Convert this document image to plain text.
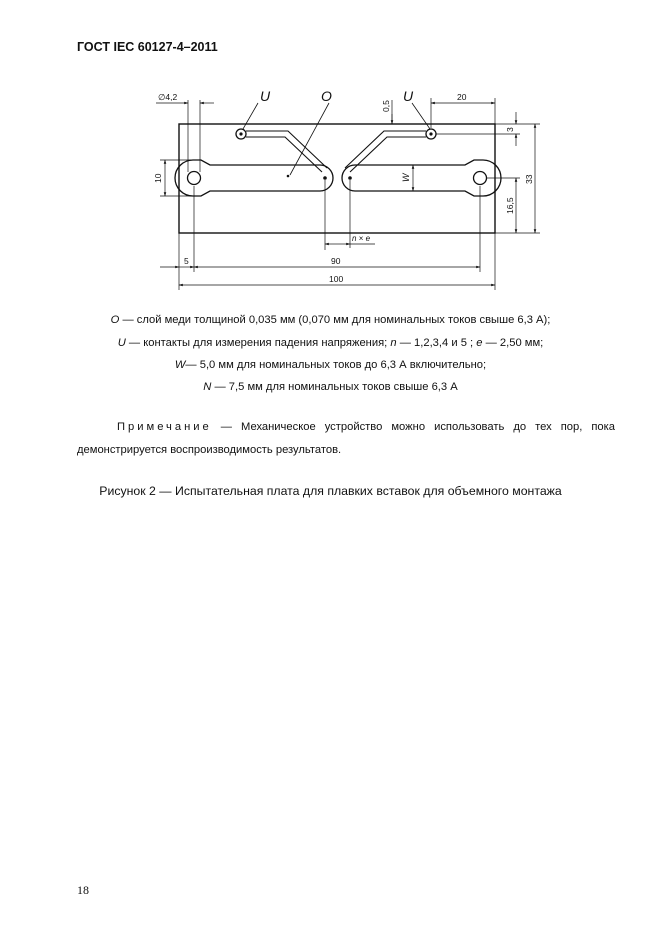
ГОСТ IEC 60127-4–2011
U	O	U
∅4,2
0,5
20
3
16,5
33
10	W
n × e
5	90
100
O — слой меди толщиной 0,035 мм (0,070 мм для номинальных токов свыше 6,3 А);
U — контакты для измерения падения напряжения; n — 1,2,3,4 и 5 ; e — 2,50 мм;
W— 5,0 мм для номинальных токов до 6,3 А включительно;
N — 7,5 мм для номинальных токов свыше 6,3 А
Примечание — Механическое устройство можно использовать до тех пор, пока демонстрируется воспроизводимость результатов.
Рисунок 2 — Испытательная плата для плавких вставок для объемного монтажа
18
